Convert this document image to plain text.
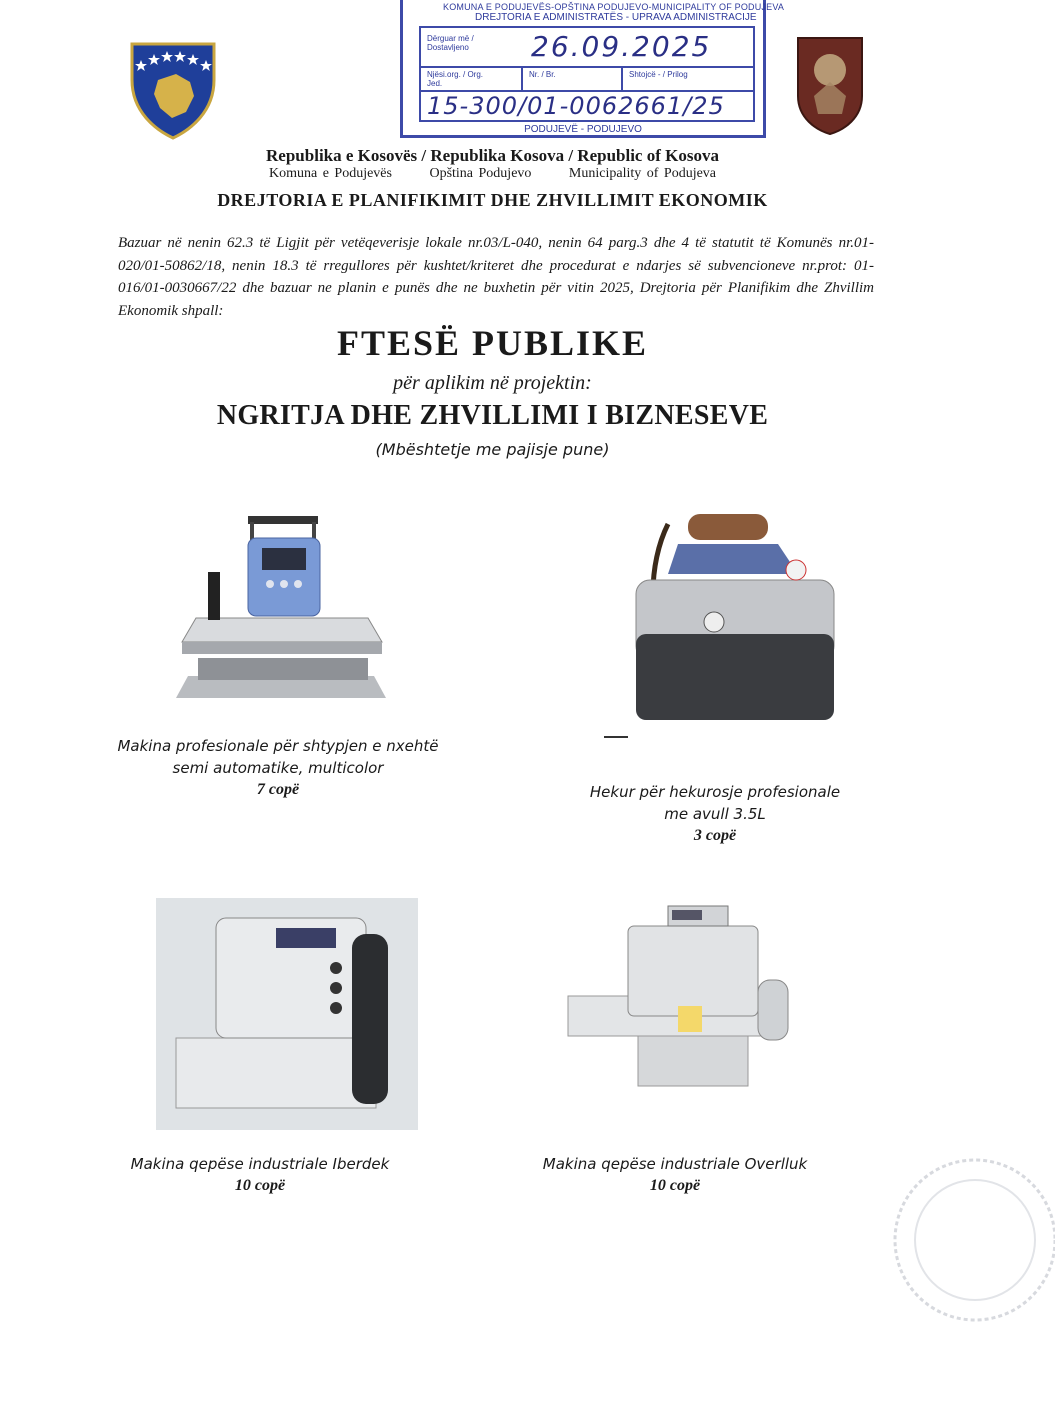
KOMUNA E PODUJEVËS-OPŠTINA PODUJEVO-MUNICIPALITY OF PODUJEVA
DREJTORIA E ADMINISTRATËS - UPRAVA ADMINISTRACIJE
Dërguar më / Dostavljeno	26.09.2025
Njësi.org. / Org. Jed.
Nr. / Br.	Shtojcë - / Prilog
15-300/01-0062661/25
PODUJEVË - PODUJEVO
Republika e Kosovës / Republika Kosova / Republic of Kosova
Komuna e Podujevës	Opština Podujevo	Municipality of Podujeva
DREJTORIA E PLANIFIKIMIT DHE ZHVILLIMIT EKONOMIK
Bazuar në nenin 62.3 të Ligjit për vetëqeverisje lokale nr.03/L-040, nenin 64 parg.3 dhe 4 të statutit të Komunës nr.01-020/01-50862/18, nenin 18.3 të rregullores për kushtet/kriteret dhe procedurat e ndarjes së subvencioneve nr.prot: 01-016/01-0030667/22 dhe bazuar ne planin e punës dhe ne buxhetin për vitin 2025, Drejtoria për Planifikim dhe Zhvillim Ekonomik shpall:
FTESË PUBLIKE
për aplikim në projektin:
NGRITJA DHE ZHVILLIMI I BIZNESEVE
(Mbështetje me pajisje pune)
Makina profesionale për shtypjen e nxehtë
semi automatike, multicolor
7 copë	Hekur për hekurosje profesionale
me avull 3.5L
3 copë
Makina qepëse industriale Iberdek
10 copë
Makina qepëse industriale Overlluk
10 copë
